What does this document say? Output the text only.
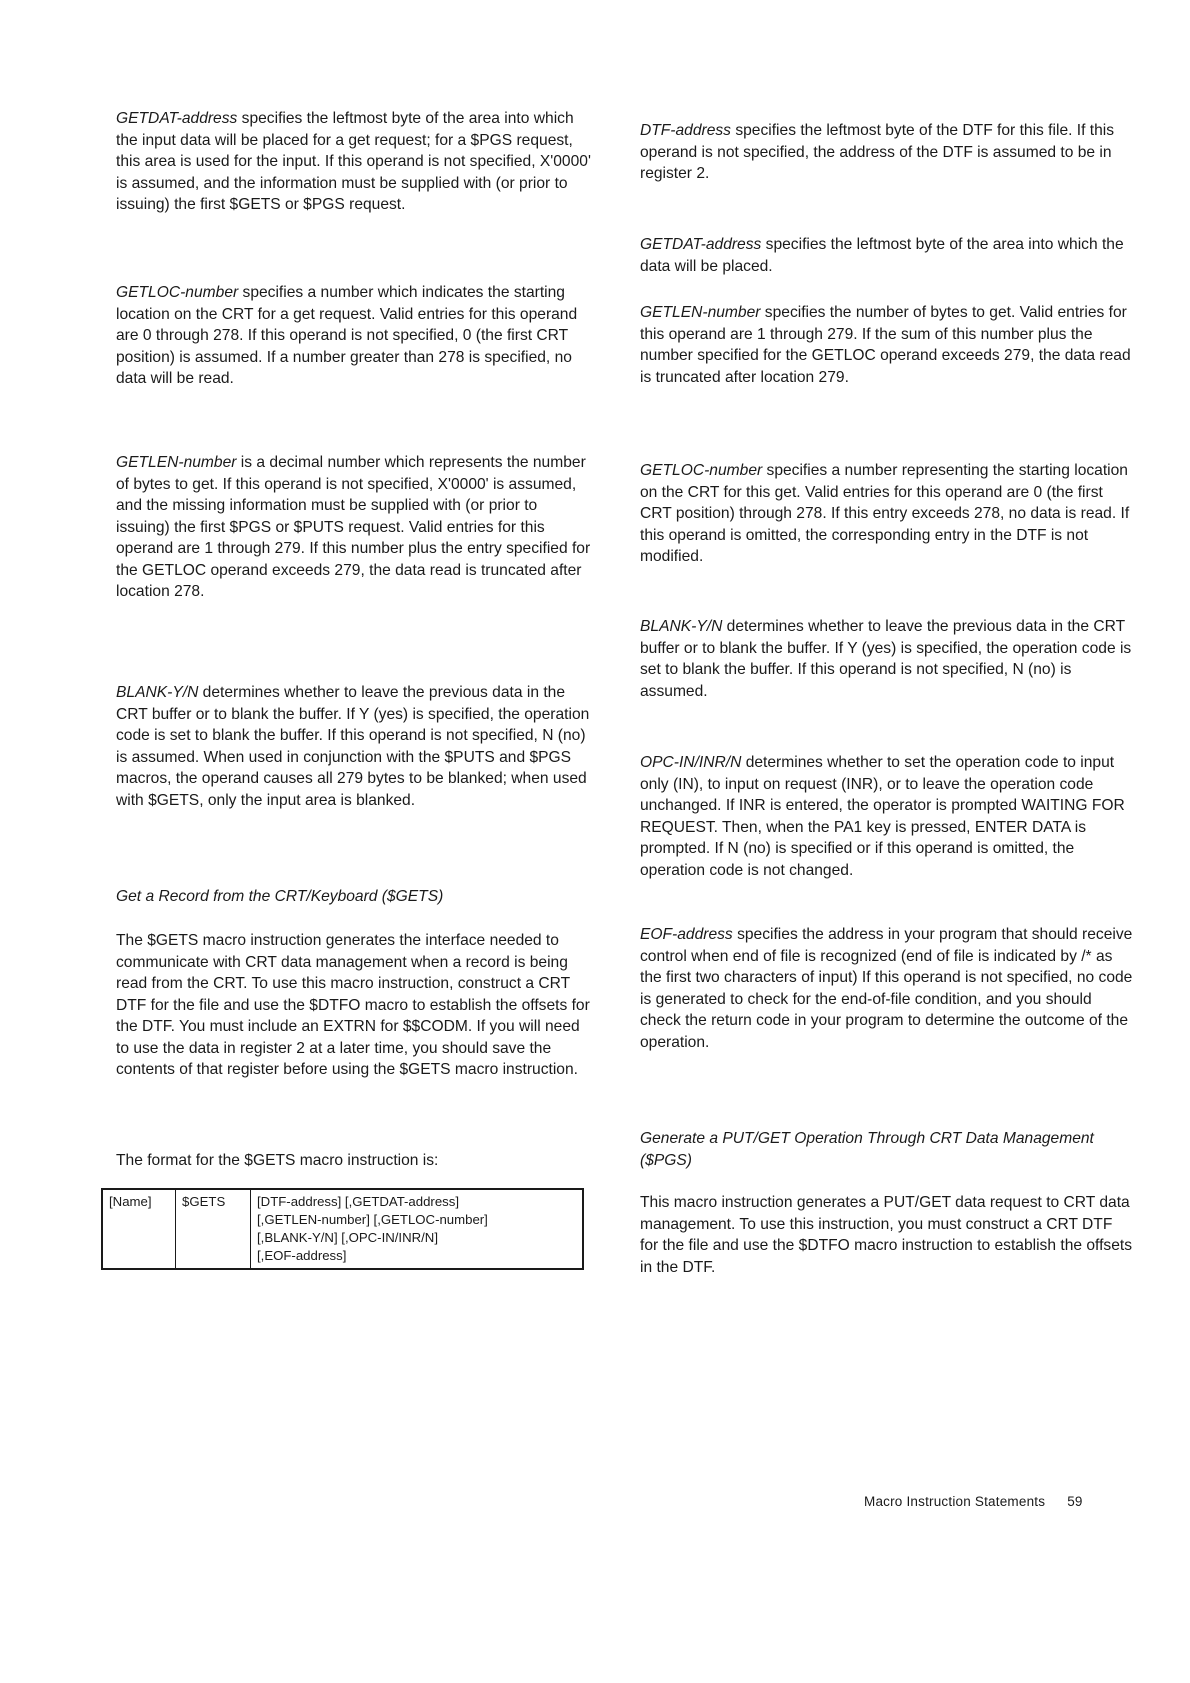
GETDAT-address specifies the leftmost byte of the area into which the input data will be placed for a get request; for a $PGS request, this area is used for the input. If this operand is not specified, X'0000' is assumed, and the information must be supplied with (or prior to issuing) the first $GETS or $PGS request.

GETLOC-number specifies a number which indicates the starting location on the CRT for a get request. Valid entries for this operand are 0 through 278. If this operand is not specified, 0 (the first CRT position) is assumed. If a number greater than 278 is specified, no data will be read.

GETLEN-number is a decimal number which represents the number of bytes to get. If this operand is not specified, X'0000' is assumed, and the missing information must be supplied with (or prior to issuing) the first $PGS or $PUTS request. Valid entries for this operand are 1 through 279. If this number plus the entry specified for the GETLOC operand exceeds 279, the data read is truncated after location 278.

BLANK-Y/N determines whether to leave the previous data in the CRT buffer or to blank the buffer. If Y (yes) is specified, the operation code is set to blank the buffer. If this operand is not specified, N (no) is assumed. When used in conjunction with the $PUTS and $PGS macros, the operand causes all 279 bytes to be blanked; when used with $GETS, only the input area is blanked.

Get a Record from the CRT/Keyboard ($GETS)

The $GETS macro instruction generates the interface needed to communicate with CRT data management when a record is being read from the CRT. To use this macro instruction, construct a CRT DTF for the file and use the $DTFO macro to establish the offsets for the DTF. You must include an EXTRN for $$CODM. If you will need to use the data in register 2 at a later time, you should save the contents of that register before using the $GETS macro instruction.

The format for the $GETS macro instruction is:

[Name]	$GETS	[DTF-address] [,GETDAT-address]
[,GETLEN-number] [,GETLOC-number]
[,BLANK-Y/N] [,OPC-IN/INR/N]
[,EOF-address]

DTF-address specifies the leftmost byte of the DTF for this file. If this operand is not specified, the address of the DTF is assumed to be in register 2.

GETDAT-address specifies the leftmost byte of the area into which the data will be placed.

GETLEN-number specifies the number of bytes to get. Valid entries for this operand are 1 through 279. If the sum of this number plus the number specified for the GETLOC operand exceeds 279, the data read is truncated after location 279.

GETLOC-number specifies a number representing the starting location on the CRT for this get. Valid entries for this operand are 0 (the first CRT position) through 278. If this entry exceeds 278, no data is read. If this operand is omitted, the corresponding entry in the DTF is not modified.

BLANK-Y/N determines whether to leave the previous data in the CRT buffer or to blank the buffer. If Y (yes) is specified, the operation code is set to blank the buffer. If this operand is not specified, N (no) is assumed.

OPC-IN/INR/N determines whether to set the operation code to input only (IN), to input on request (INR), or to leave the operation code unchanged. If INR is entered, the operator is prompted WAITING FOR REQUEST. Then, when the PA1 key is pressed, ENTER DATA is prompted. If N (no) is specified or if this operand is omitted, the operation code is not changed.

EOF-address specifies the address in your program that should receive control when end of file is recognized (end of file is indicated by /* as the first two characters of input) If this operand is not specified, no code is generated to check for the end-of-file condition, and you should check the return code in your program to determine the outcome of the operation.

Generate a PUT/GET Operation Through CRT Data Management ($PGS)

This macro instruction generates a PUT/GET data request to CRT data management. To use this instruction, you must construct a CRT DTF for the file and use the $DTFO macro instruction to establish the offsets in the DTF.

Macro Instruction Statements 59
